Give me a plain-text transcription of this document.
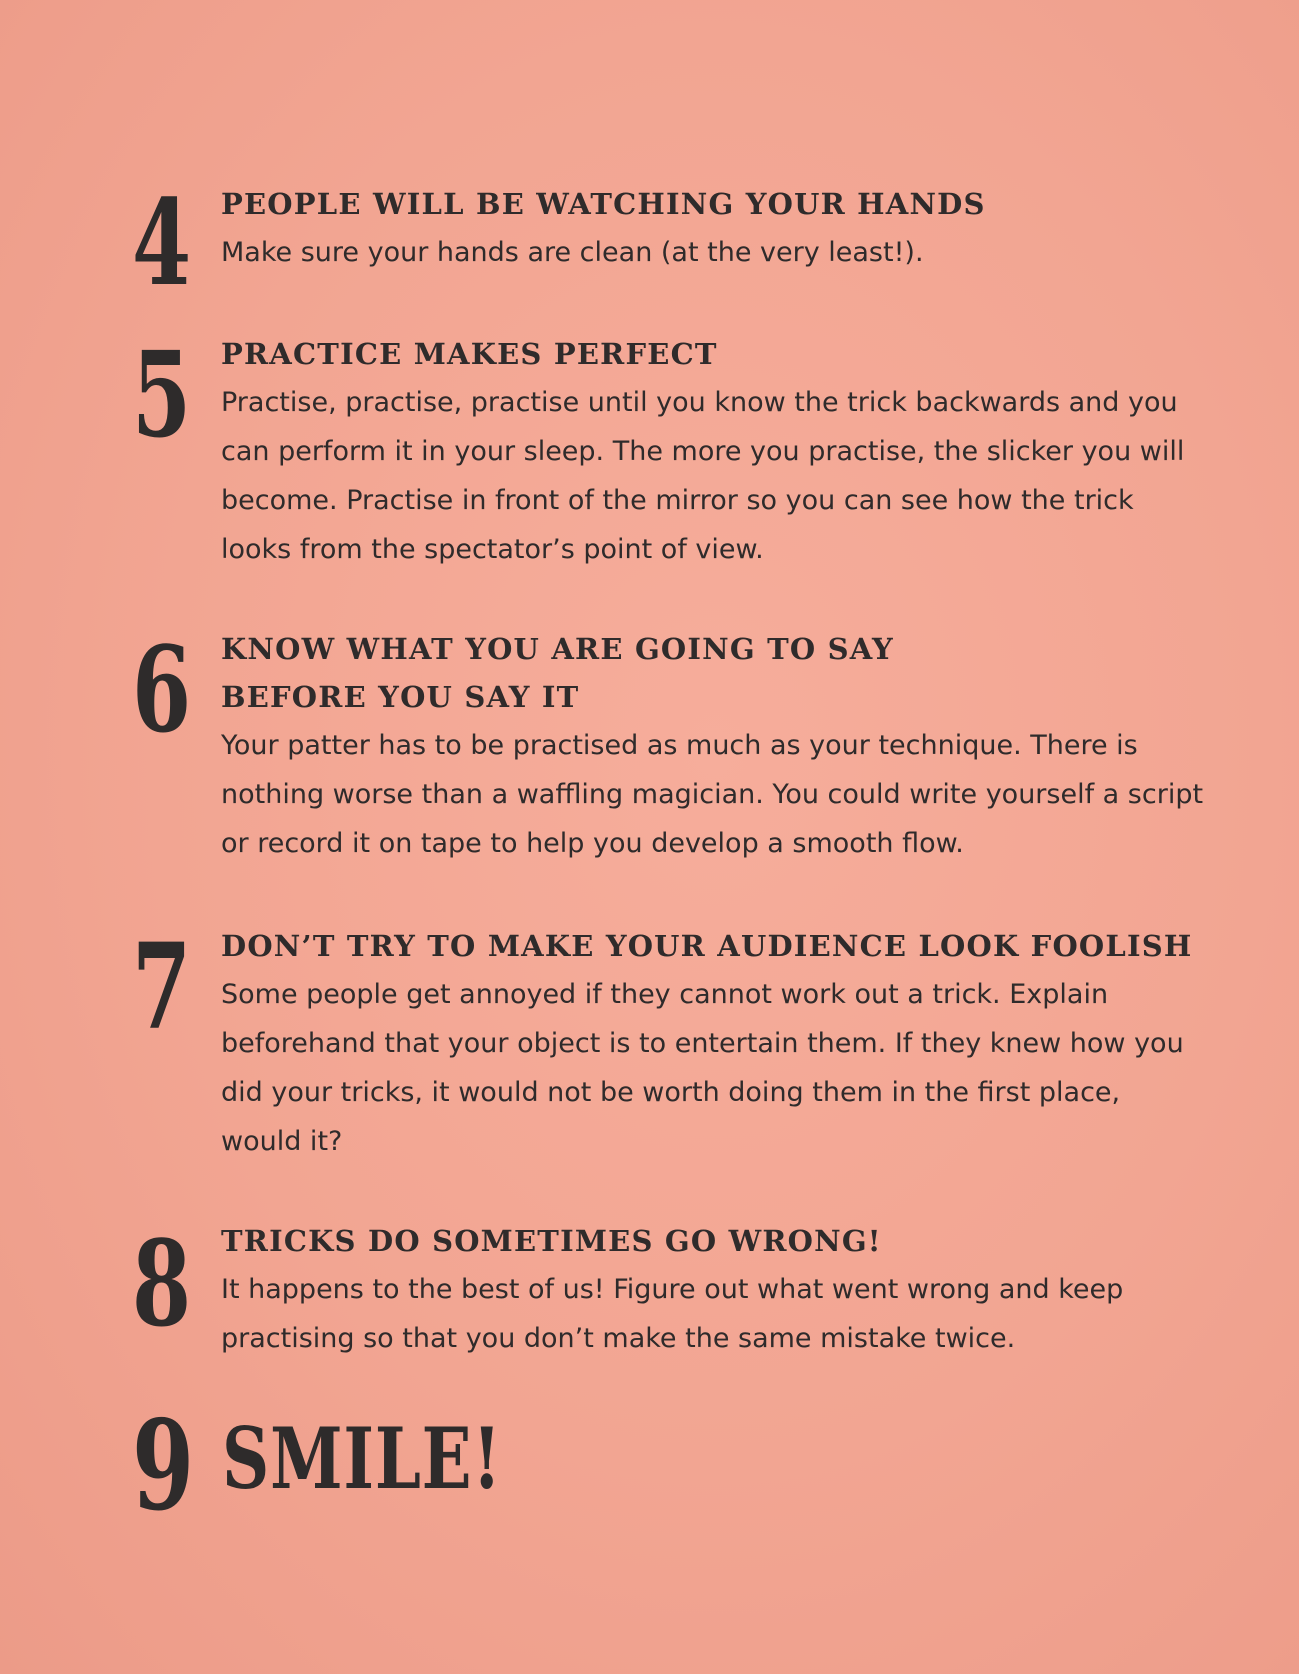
4 PEOPLE WILL BE WATCHING YOUR HANDS

Make sure your hands are clean (at the very least!).

5 PRACTICE MAKES PERFECT

Practise, practise, practise until you know the trick backwards and you
can perform it in your sleep. The more you practise, the slicker you will
become. Practise in front of the mirror so you can see how the trick
looks from the spectator’s point of view.

6 KNOW WHAT YOU ARE GOING TO SAY
BEFORE YOU SAY IT

Your patter has to be practised as much as your technique. There is
nothing worse than a waffling magician. You could write yourself a script
or record it on tape to help you develop a smooth flow.

7 DON’T TRY TO MAKE YOUR AUDIENCE LOOK FOOLISH

Some people get annoyed if they cannot work out a trick. Explain
beforehand that your object is to entertain them. If they knew how you
did your tricks, it would not be worth doing them in the first place,
would it?

8 TRICKS DO SOMETIMES GO WRONG!

It happens to the best of us! Figure out what went wrong and keep
practising so that you don’t make the same mistake twice.

9 SMILE!
